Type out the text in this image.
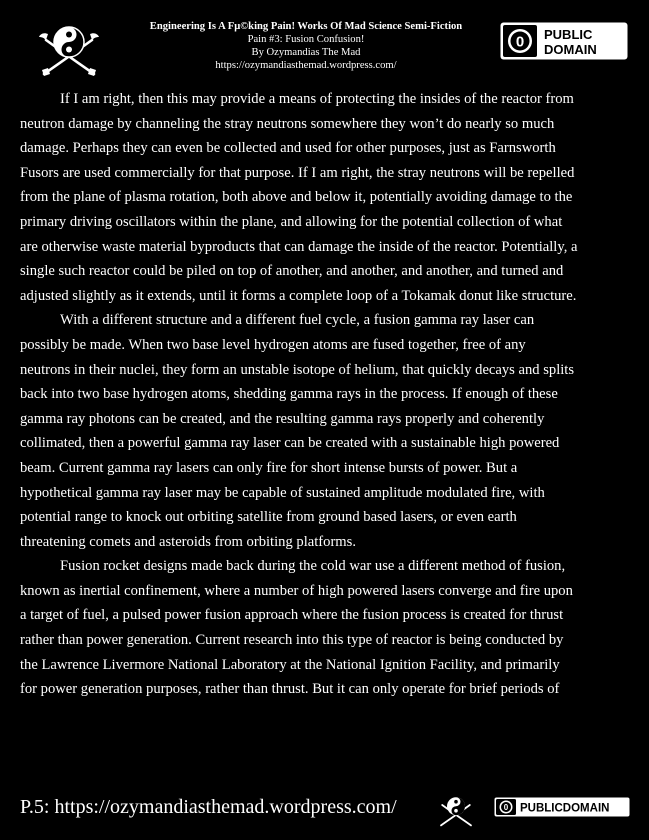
Engineering Is A Fμ©king Pain! Works Of Mad Science Semi-Fiction
Pain #3: Fusion Confusion!
By Ozymandias The Mad
https://ozymandiasthemad.wordpress.com/
0 PUBLIC
DOMAIN

If I am right, then this may provide a means of protecting the insides of the reactor from
neutron damage by channeling the stray neutrons somewhere they won’t do nearly so much
damage. Perhaps they can even be collected and used for other purposes, just as Farnsworth
Fusors are used commercially for that purpose. If I am right, the stray neutrons will be repelled
from the plane of plasma rotation, both above and below it, potentially avoiding damage to the
primary driving oscillators within the plane, and allowing for the potential collection of what
are otherwise waste material byproducts that can damage the inside of the reactor. Potentially, a
single such reactor could be piled on top of another, and another, and another, and turned and
adjusted slightly as it extends, until it forms a complete loop of a Tokamak donut like structure.

With a different structure and a different fuel cycle, a fusion gamma ray laser can
possibly be made. When two base level hydrogen atoms are fused together, free of any
neutrons in their nuclei, they form an unstable isotope of helium, that quickly decays and splits
back into two base hydrogen atoms, shedding gamma rays in the process. If enough of these
gamma ray photons can be created, and the resulting gamma rays properly and coherently
collimated, then a powerful gamma ray laser can be created with a sustainable high powered
beam. Current gamma ray lasers can only fire for short intense bursts of power. But a
hypothetical gamma ray laser may be capable of sustained amplitude modulated fire, with
potential range to knock out orbiting satellite from ground based lasers, or even earth
threatening comets and asteroids from orbiting platforms.

Fusion rocket designs made back during the cold war use a different method of fusion,
known as inertial confinement, where a number of high powered lasers converge and fire upon
a target of fuel, a pulsed power fusion approach where the fusion process is created for thrust
rather than power generation. Current research into this type of reactor is being conducted by
the Lawrence Livermore National Laboratory at the National Ignition Facility, and primarily
for power generation purposes, rather than thrust. But it can only operate for brief periods of

P.5: https://ozymandiasthemad.wordpress.com/	0 PUBLICDOMAIN
